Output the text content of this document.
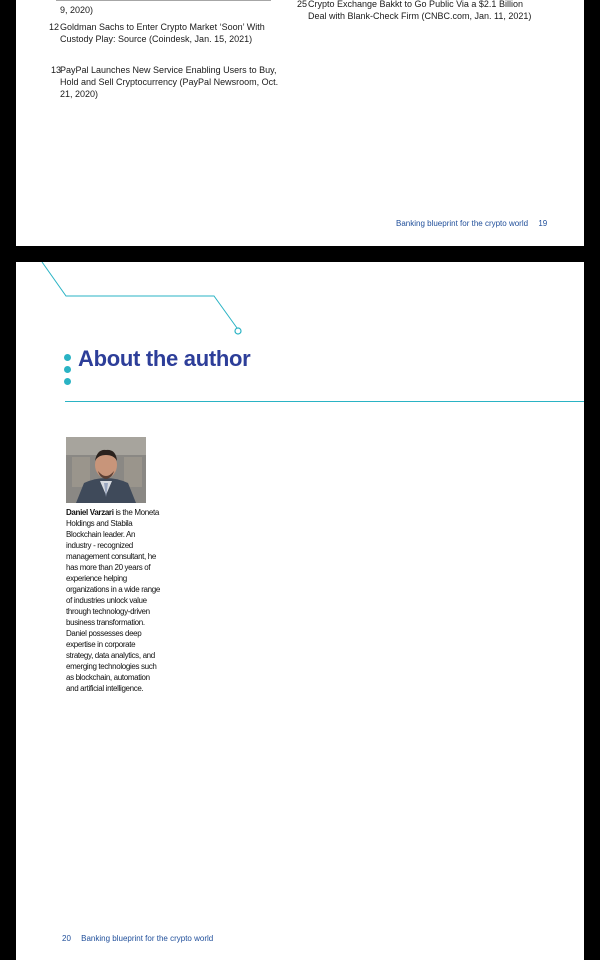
9, 2020)
12 Goldman Sachs to Enter Crypto Market ‘Soon’ With Custody Play: Source (Coindesk, Jan. 15, 2021)
13
PayPal Launches New Service Enabling Users to Buy, Hold and Sell Cryptocurrency (PayPal Newsroom, Oct. 21, 2020)
25 Crypto Exchange Bakkt to Go Public Via a $2.1 Billion Deal with Blank-Check Firm (CNBC.com, Jan. 11, 2021)
Banking blueprint for the crypto world 19
About the author
Daniel Varzari is the Moneta Holdings and Stabila Blockchain leader. An industry - recognized management consultant, he has more than 20 years of experience helping organizations in a wide range of industries unlock value through technology-driven business transformation. Daniel possesses deep expertise in corporate strategy, data analytics, and emerging technologies such as blockchain, automation and artificial intelligence.
20 Banking blueprint for the crypto world
